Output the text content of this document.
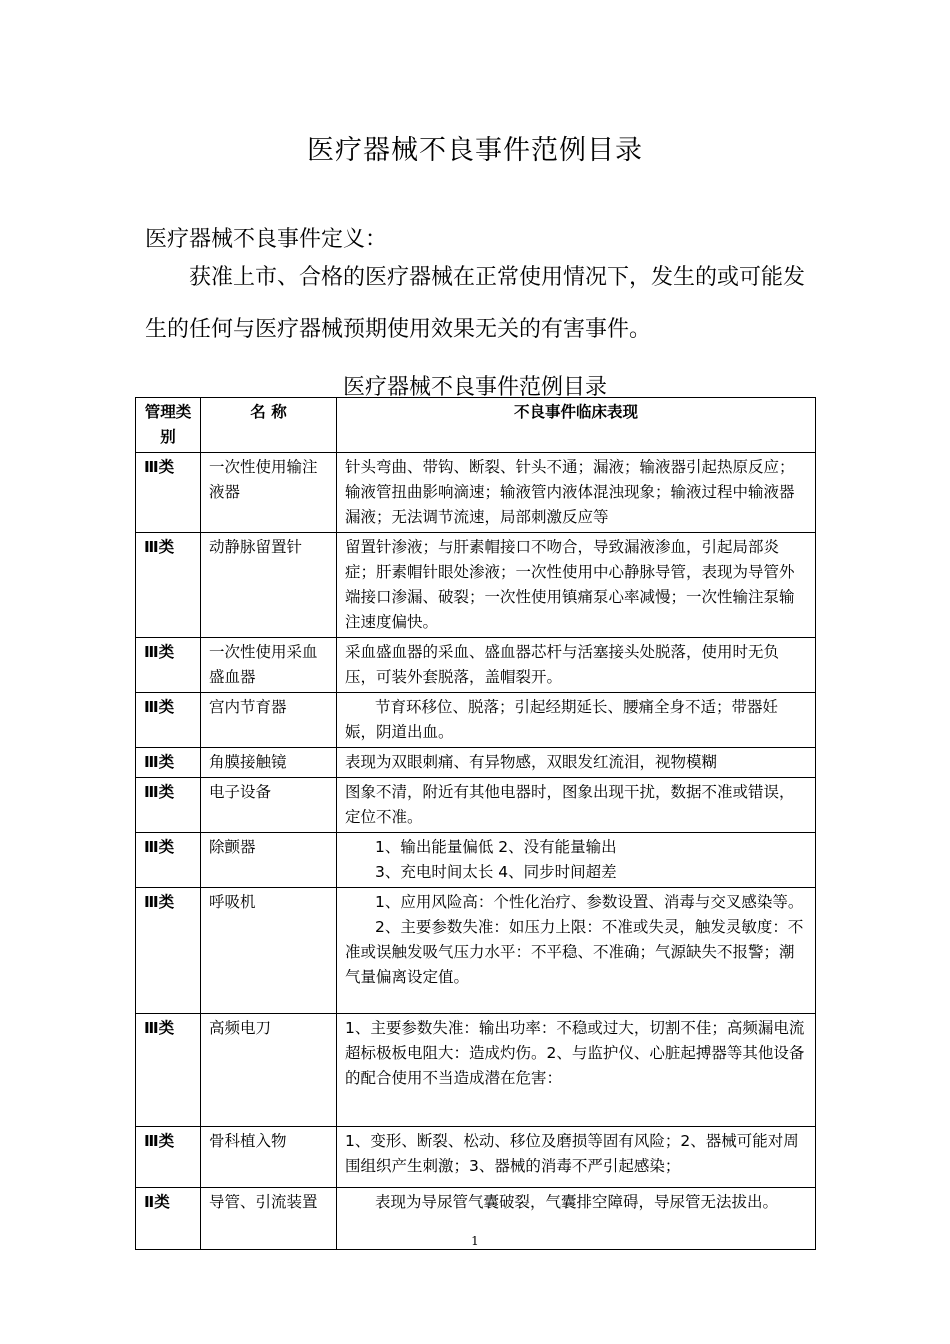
医疗器械不良事件范例目录
医疗器械不良事件定义：
获准上市、合格的医疗器械在正常使用情况下，发生的或可能发生的任何与医疗器械预期使用效果无关的有害事件。
医疗器械不良事件范例目录
管理类别	名 称	不良事件临床表现
Ⅲ类	一次性使用输注液器	针头弯曲、带钩、断裂、针头不通；漏液；输液器引起热原反应；输液管扭曲影响滴速；输液管内液体混浊现象；输液过程中输液器漏液；无法调节流速，局部刺激反应等
Ⅲ类	动静脉留置针	留置针渗液；与肝素帽接口不吻合，导致漏液渗血，引起局部炎症；肝素帽针眼处渗液；一次性使用中心静脉导管，表现为导管外端接口渗漏、破裂；一次性使用镇痛泵心率减慢；一次性输注泵输注速度偏快。
Ⅲ类	一次性使用采血盛血器	采血盛血器的采血、盛血器芯杆与活塞接头处脱落，使用时无负压，可装外套脱落，盖帽裂开。
Ⅲ类	宫内节育器	节育环移位、脱落；引起经期延长、腰痛全身不适；带器妊娠，阴道出血。

Ⅲ类	角膜接触镜	表现为双眼刺痛、有异物感，双眼发红流泪，视物模糊
Ⅲ类	电子设备	图象不清，附近有其他电器时，图象出现干扰，数据不准或错误，定位不准。
Ⅲ类	除颤器	1、输出能量偏低 2、没有能量输出
3、充电时间太长 4、同步时间超差

Ⅲ类	呼吸机	1、应用风险高：个性化治疗、参数设置、消毒与交叉感染等。
2、主要参数失准：如压力上限：不准或失灵，触发灵敏度：不准或误触发吸气压力水平：不平稳、不准确；气源缺失不报警；潮气量偏离设定值。

Ⅲ类	高频电刀	1、主要参数失准：输出功率：不稳或过大，切割不佳；高频漏电流超标极板电阻大：造成灼伤。2、与监护仪、心脏起搏器等其他设备的配合使用不当造成潜在危害：
Ⅲ类	骨科植入物	1、变形、断裂、松动、移位及磨损等固有风险；2、器械可能对周围组织产生刺激；3、器械的消毒不严引起感染；
Ⅱ类	导管、引流装置	表现为导尿管气囊破裂，气囊排空障碍，导尿管无法拔出。
1
